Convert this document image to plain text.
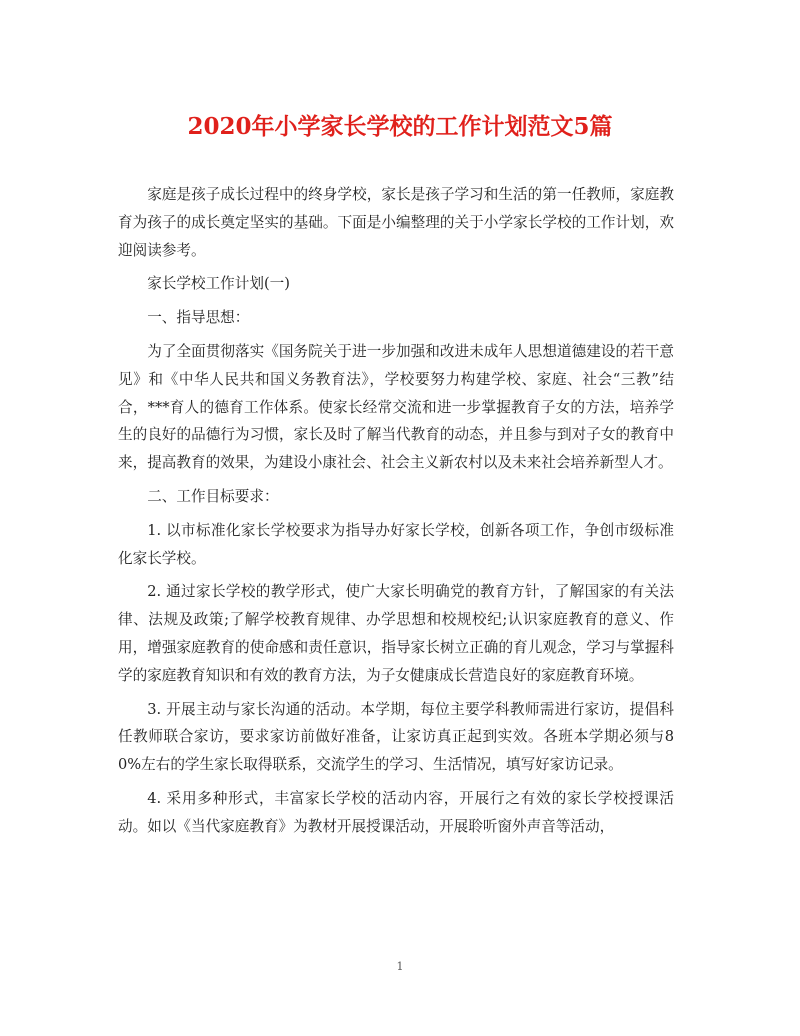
2020年小学家长学校的工作计划范文5篇

家庭是孩子成长过程中的终身学校，家长是孩子学习和生活的第一任教师，家庭教育为孩子的成长奠定坚实的基础。下面是小编整理的关于小学家长学校的工作计划，欢迎阅读参考。

家长学校工作计划(一)

一、指导思想：

为了全面贯彻落实《国务院关于进一步加强和改进未成年人思想道德建设的若干意见》和《中华人民共和国义务教育法》，学校要努力构建学校、家庭、社会“三教”结合，***育人的德育工作体系。使家长经常交流和进一步掌握教育子女的方法，培养学生的良好的品德行为习惯，家长及时了解当代教育的动态，并且参与到对子女的教育中来，提高教育的效果，为建设小康社会、社会主义新农村以及未来社会培养新型人才。

二、工作目标要求：

1. 以市标准化家长学校要求为指导办好家长学校，创新各项工作，争创市级标准化家长学校。

2. 通过家长学校的教学形式，使广大家长明确党的教育方针，了解国家的有关法律、法规及政策;了解学校教育规律、办学思想和校规校纪;认识家庭教育的意义、作用，增强家庭教育的使命感和责任意识，指导家长树立正确的育儿观念，学习与掌握科学的家庭教育知识和有效的教育方法，为子女健康成长营造良好的家庭教育环境。

3. 开展主动与家长沟通的活动。本学期，每位主要学科教师需进行家访，提倡科任教师联合家访，要求家访前做好准备，让家访真正起到实效。各班本学期必须与80%左右的学生家长取得联系，交流学生的学习、生活情况，填写好家访记录。

4. 采用多种形式，丰富家长学校的活动内容，开展行之有效的家长学校授课活动。如以《当代家庭教育》为教材开展授课活动，开展聆听窗外声音等活动，

1
